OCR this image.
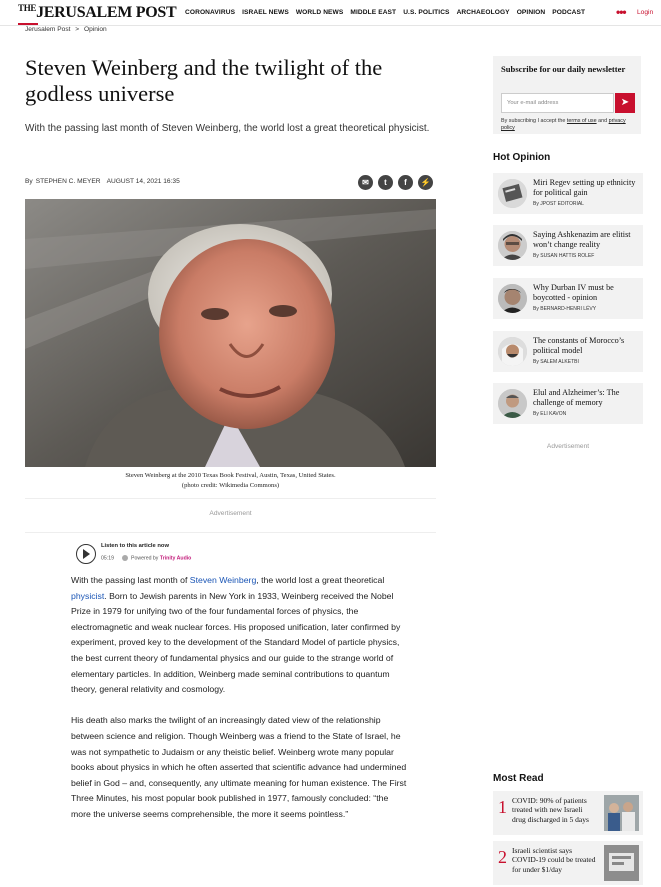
$^{THE}$JERUSALEM POST CORONAVIRUS ISRAEL NEWS WORLD NEWS MIDDLE EAST U.S. POLITICS ARCHAEOLOGY OPINION PODCAST	••• Login
Jerusalem Post > Opinion
Steven Weinberg and the twilight of the godless universe
With the passing last month of Steven Weinberg, the world lost a great theoretical physicist.
By STEPHEN C. MEYER AUGUST 14, 2021 16:35	✉	t	f	⚡
Steven Weinberg at the 2010 Texas Book Festival, Austin, Texas, United States.
(photo credit: Wikimedia Commons)
Advertisement
Listen to this article now
05:19	Powered by Trinity Audio

With the passing last month of Steven Weinberg, the world lost a great theoretical physicist. Born to Jewish parents in New York in 1933, Weinberg received the Nobel Prize in 1979 for unifying two of the four fundamental forces of physics, the electromagnetic and weak nuclear forces. His proposed unification, later confirmed by experiment, proved key to the development of the Standard Model of particle physics, the best current theory of fundamental physics and our guide to the strange world of elementary particles. In addition, Weinberg made seminal contributions to quantum theory, general relativity and cosmology.

His death also marks the twilight of an increasingly dated view of the relationship between science and religion. Though Weinberg was a friend to the State of Israel, he was not sympathetic to Judaism or any theistic belief. Weinberg wrote many popular books about physics in which he often asserted that scientific advance had undermined belief in God – and, consequently, any ultimate meaning for human existence. The First Three Minutes, his most popular book published in 1977, famously concluded: “the more the universe seems comprehensible, the more it seems pointless.”

Subscribe for our daily newsletter
Your e-mail address	➤
By subscribing I accept the terms of use and privacy policy
Hot Opinion
Miri Regev setting up ethnicity for political gain
By JPOST EDITORIAL
Saying Ashkenazim are elitist won’t change reality
By SUSAN HATTIS ROLEF
Why Durban IV must be boycotted - opinion
By BERNARD-HENRI LÉVY
The constants of Morocco’s political model
By SALEM ALKETBI
Elul and Alzheimer’s: The challenge of memory
By ELI KAVON
Advertisement
Most Read
1 COVID: 90% of patients treated with new Israeli drug discharged in 5 days
2 Israeli scientist says COVID-19 could be treated for under $1/day
